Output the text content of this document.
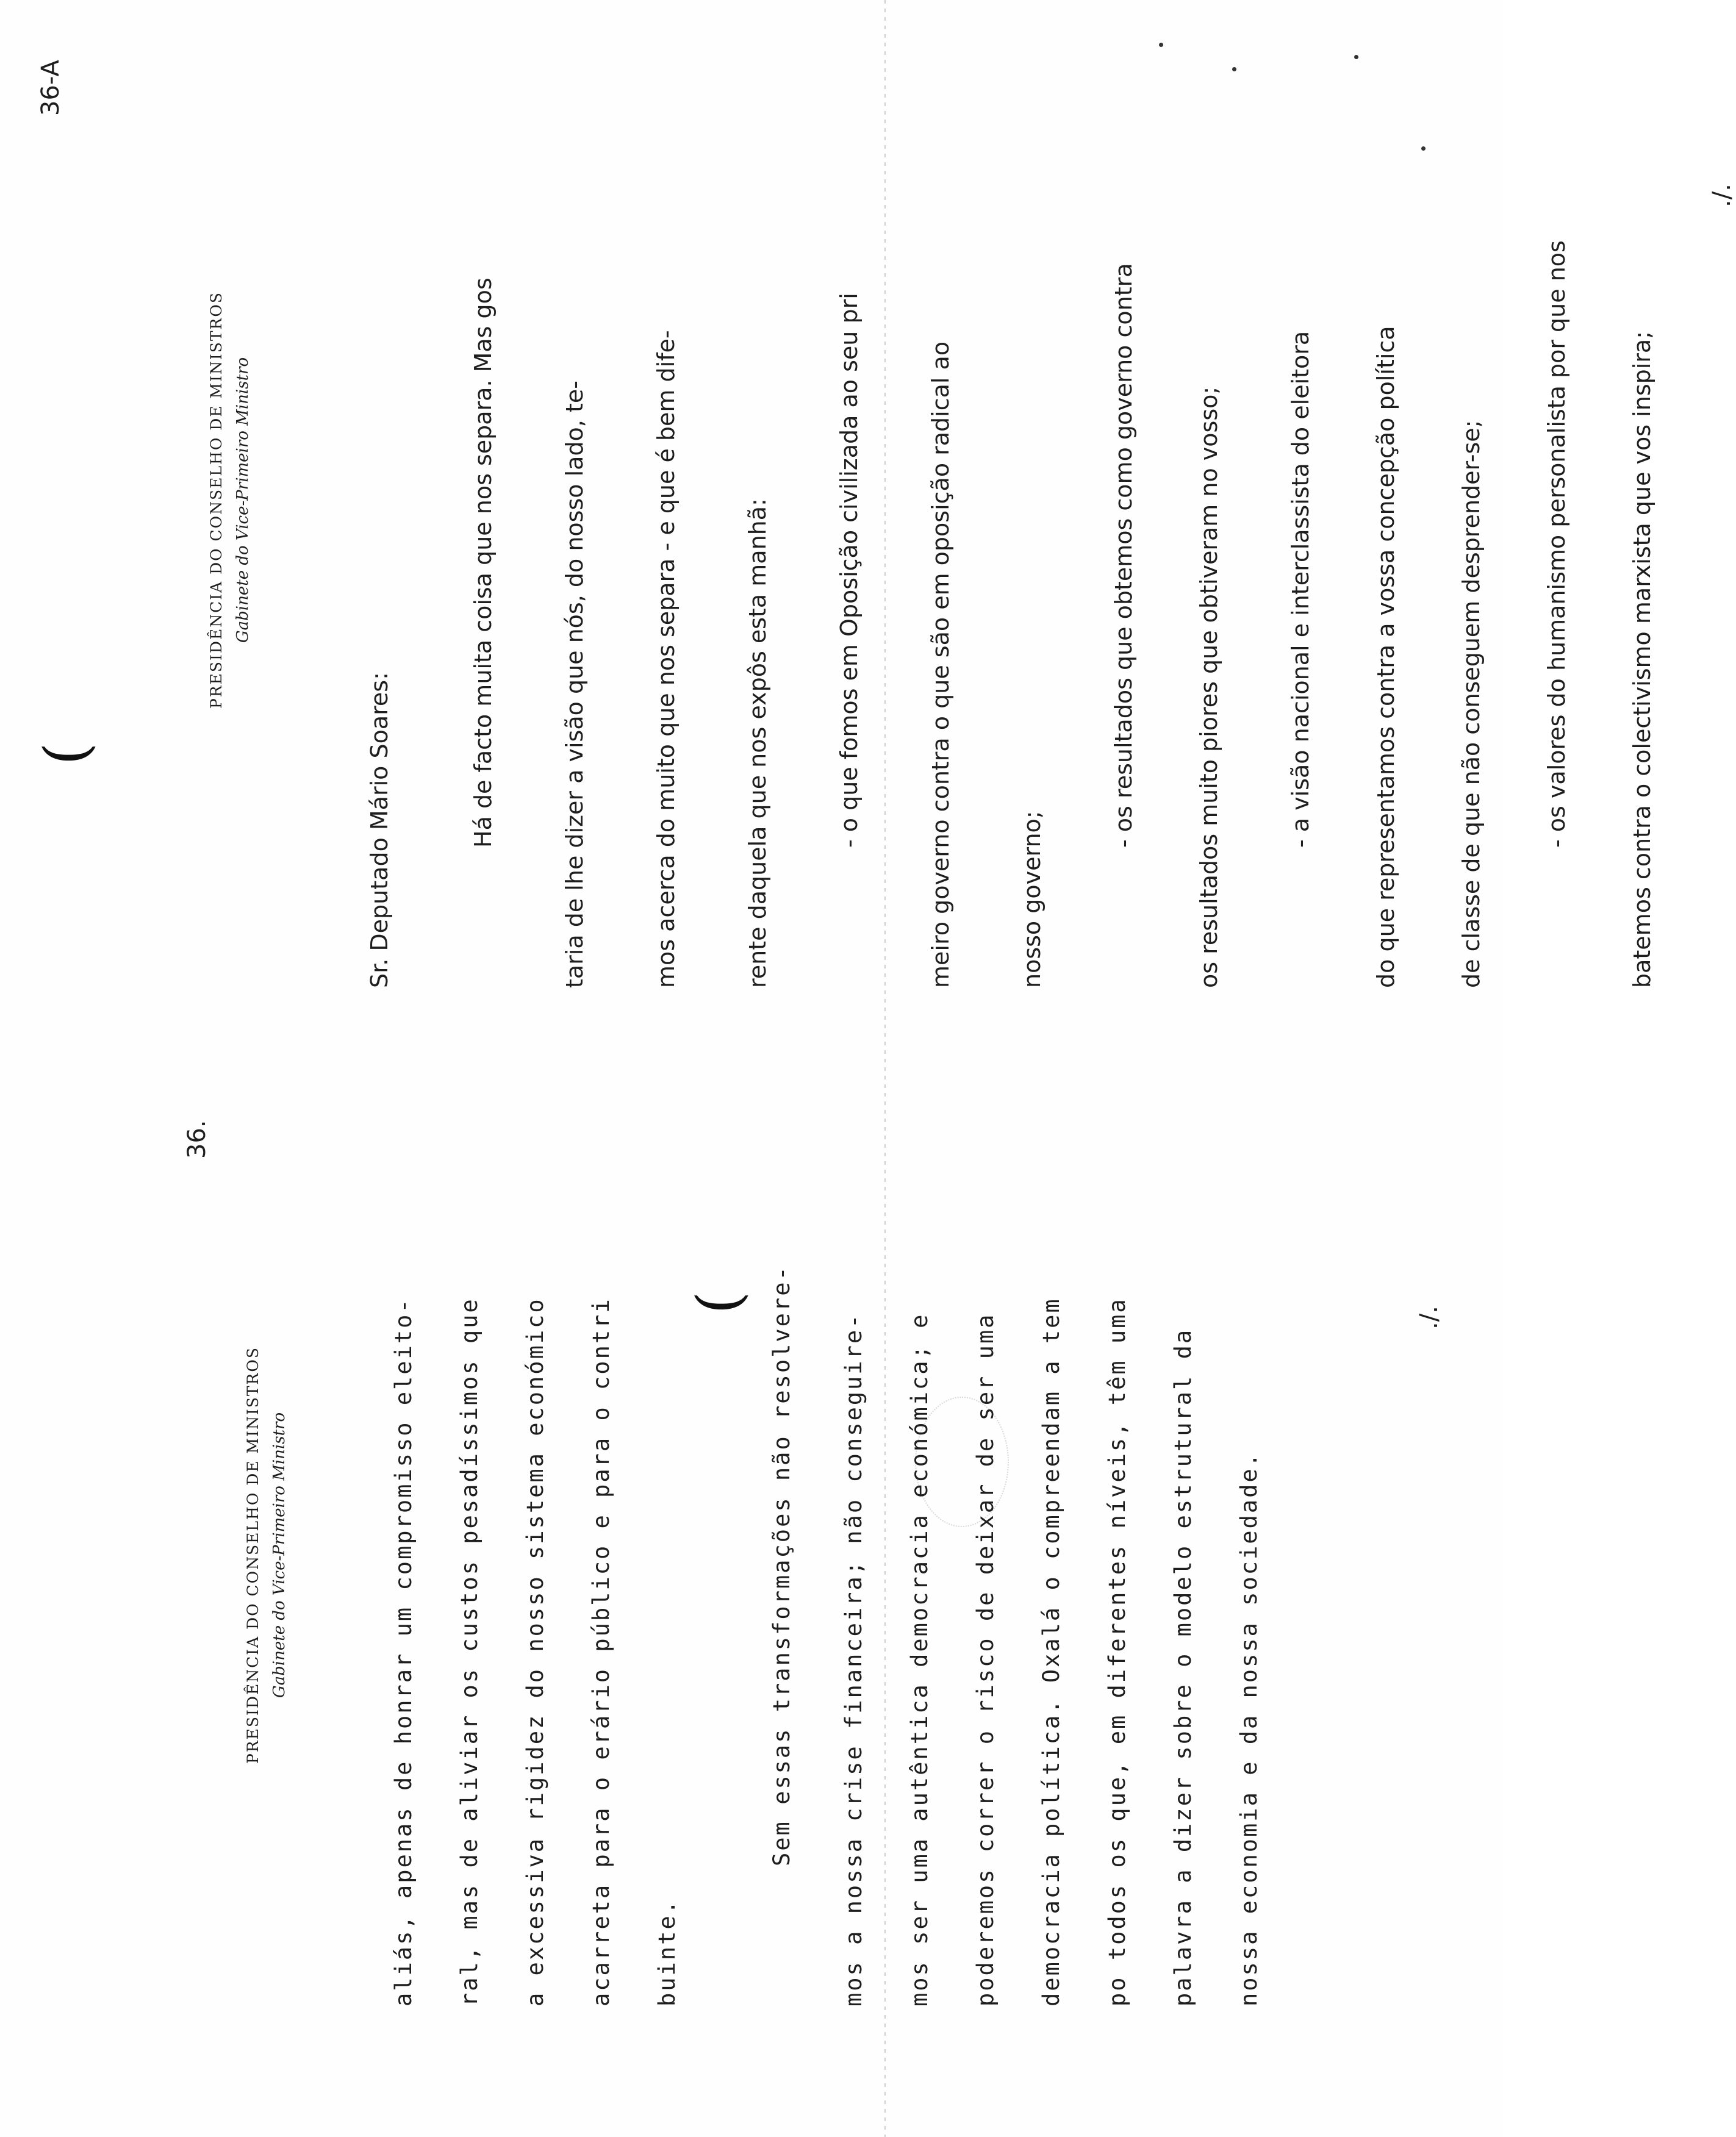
(
(
PRESIDÊNCIA DO CONSELHO DE MINISTROS Gabinete do Vice-Primeiro Ministro
36.
aliás, apenas de honrar um compromisso eleito- ral, mas de aliviar os custos pesadíssimos que a excessiva rigidez do nosso sistema económico acarreta para o erário público e para o contri buinte.
Sem essas transformações não resolvere- mos a nossa crise financeira; não conseguire- mos ser uma autêntica democracia económica; e poderemos correr o risco de deixar de ser uma democracia política. Oxalá o compreendam a tem po todos os que, em diferentes níveis, têm uma palavra a dizer sobre o modelo estrutural da nossa economia e da nossa sociedade.
./.
PRESIDÊNCIA DO CONSELHO DE MINISTROS Gabinete do Vice-Primeiro Ministro
36-A
Sr. Deputado Mário Soares:	Há de facto muita coisa que nos separa. Mas gos	taria de lhe dizer a visão que nós, do nosso lado, te-	mos acerca do muito que nos separa - e que é bem dife-	rente daquela que nos expôs esta manhã:	- o que fomos em Oposição civilizada ao seu pri	meiro governo contra o que são em oposição radical ao	nosso governo;
- os resultados que obtemos como governo contra	os resultados muito piores que obtiveram no vosso;	- a visão nacional e interclassista do eleitora	do que representamos contra a vossa concepção política	de classe de que não conseguem desprender-se;	- os valores do humanismo personalista por que nos	batemos contra o colectivismo marxista que vos inspira;
./.
